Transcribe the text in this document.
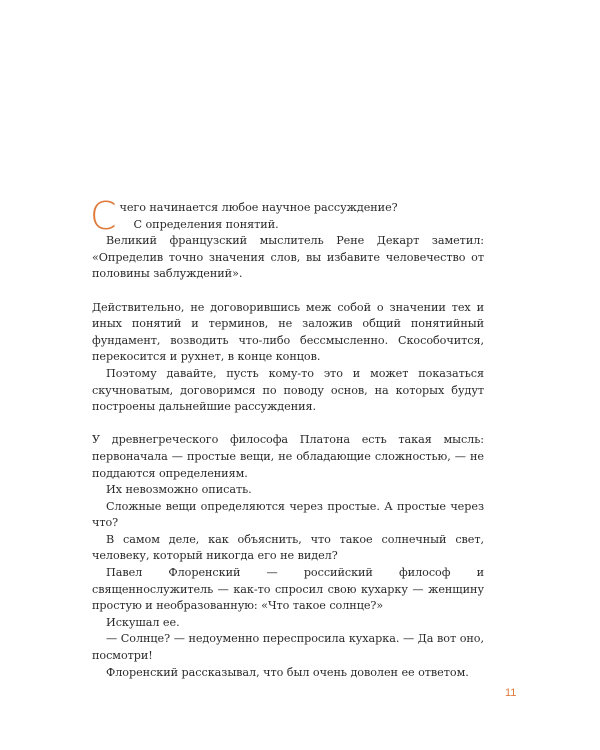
С чего начинается любое научное рассуждение?

С определения понятий.

Великий французский мыслитель Рене Декарт заметил: «Определив точно значения слов, вы избавите человечество от половины заблуждений».

Действительно, не договорившись меж собой о значении тех и иных понятий и терминов, не заложив общий понятийный фундамент, возводить что-либо бессмысленно. Скособочится, перекосится и рухнет, в конце концов.

Поэтому давайте, пусть кому-то это и может показаться скучноватым, договоримся по поводу основ, на которых будут построены дальнейшие рассуждения.

У древнегреческого философа Платона есть такая мысль: первоначала — простые вещи, не обладающие сложностью, — не поддаются определениям.

Их невозможно описать.

Сложные вещи определяются через простые. А простые через что?

В самом деле, как объяснить, что такое солнечный свет, человеку, который никогда его не видел?

Павел Флоренский — российский философ и священнослужитель — как-то спросил свою кухарку — женщину простую и необразованную: «Что такое солнце?»

Искушал ее.

— Солнце? — недоуменно переспросила кухарка. — Да вот оно, посмотри!

Флоренский рассказывал, что был очень доволен ее ответом.

11
